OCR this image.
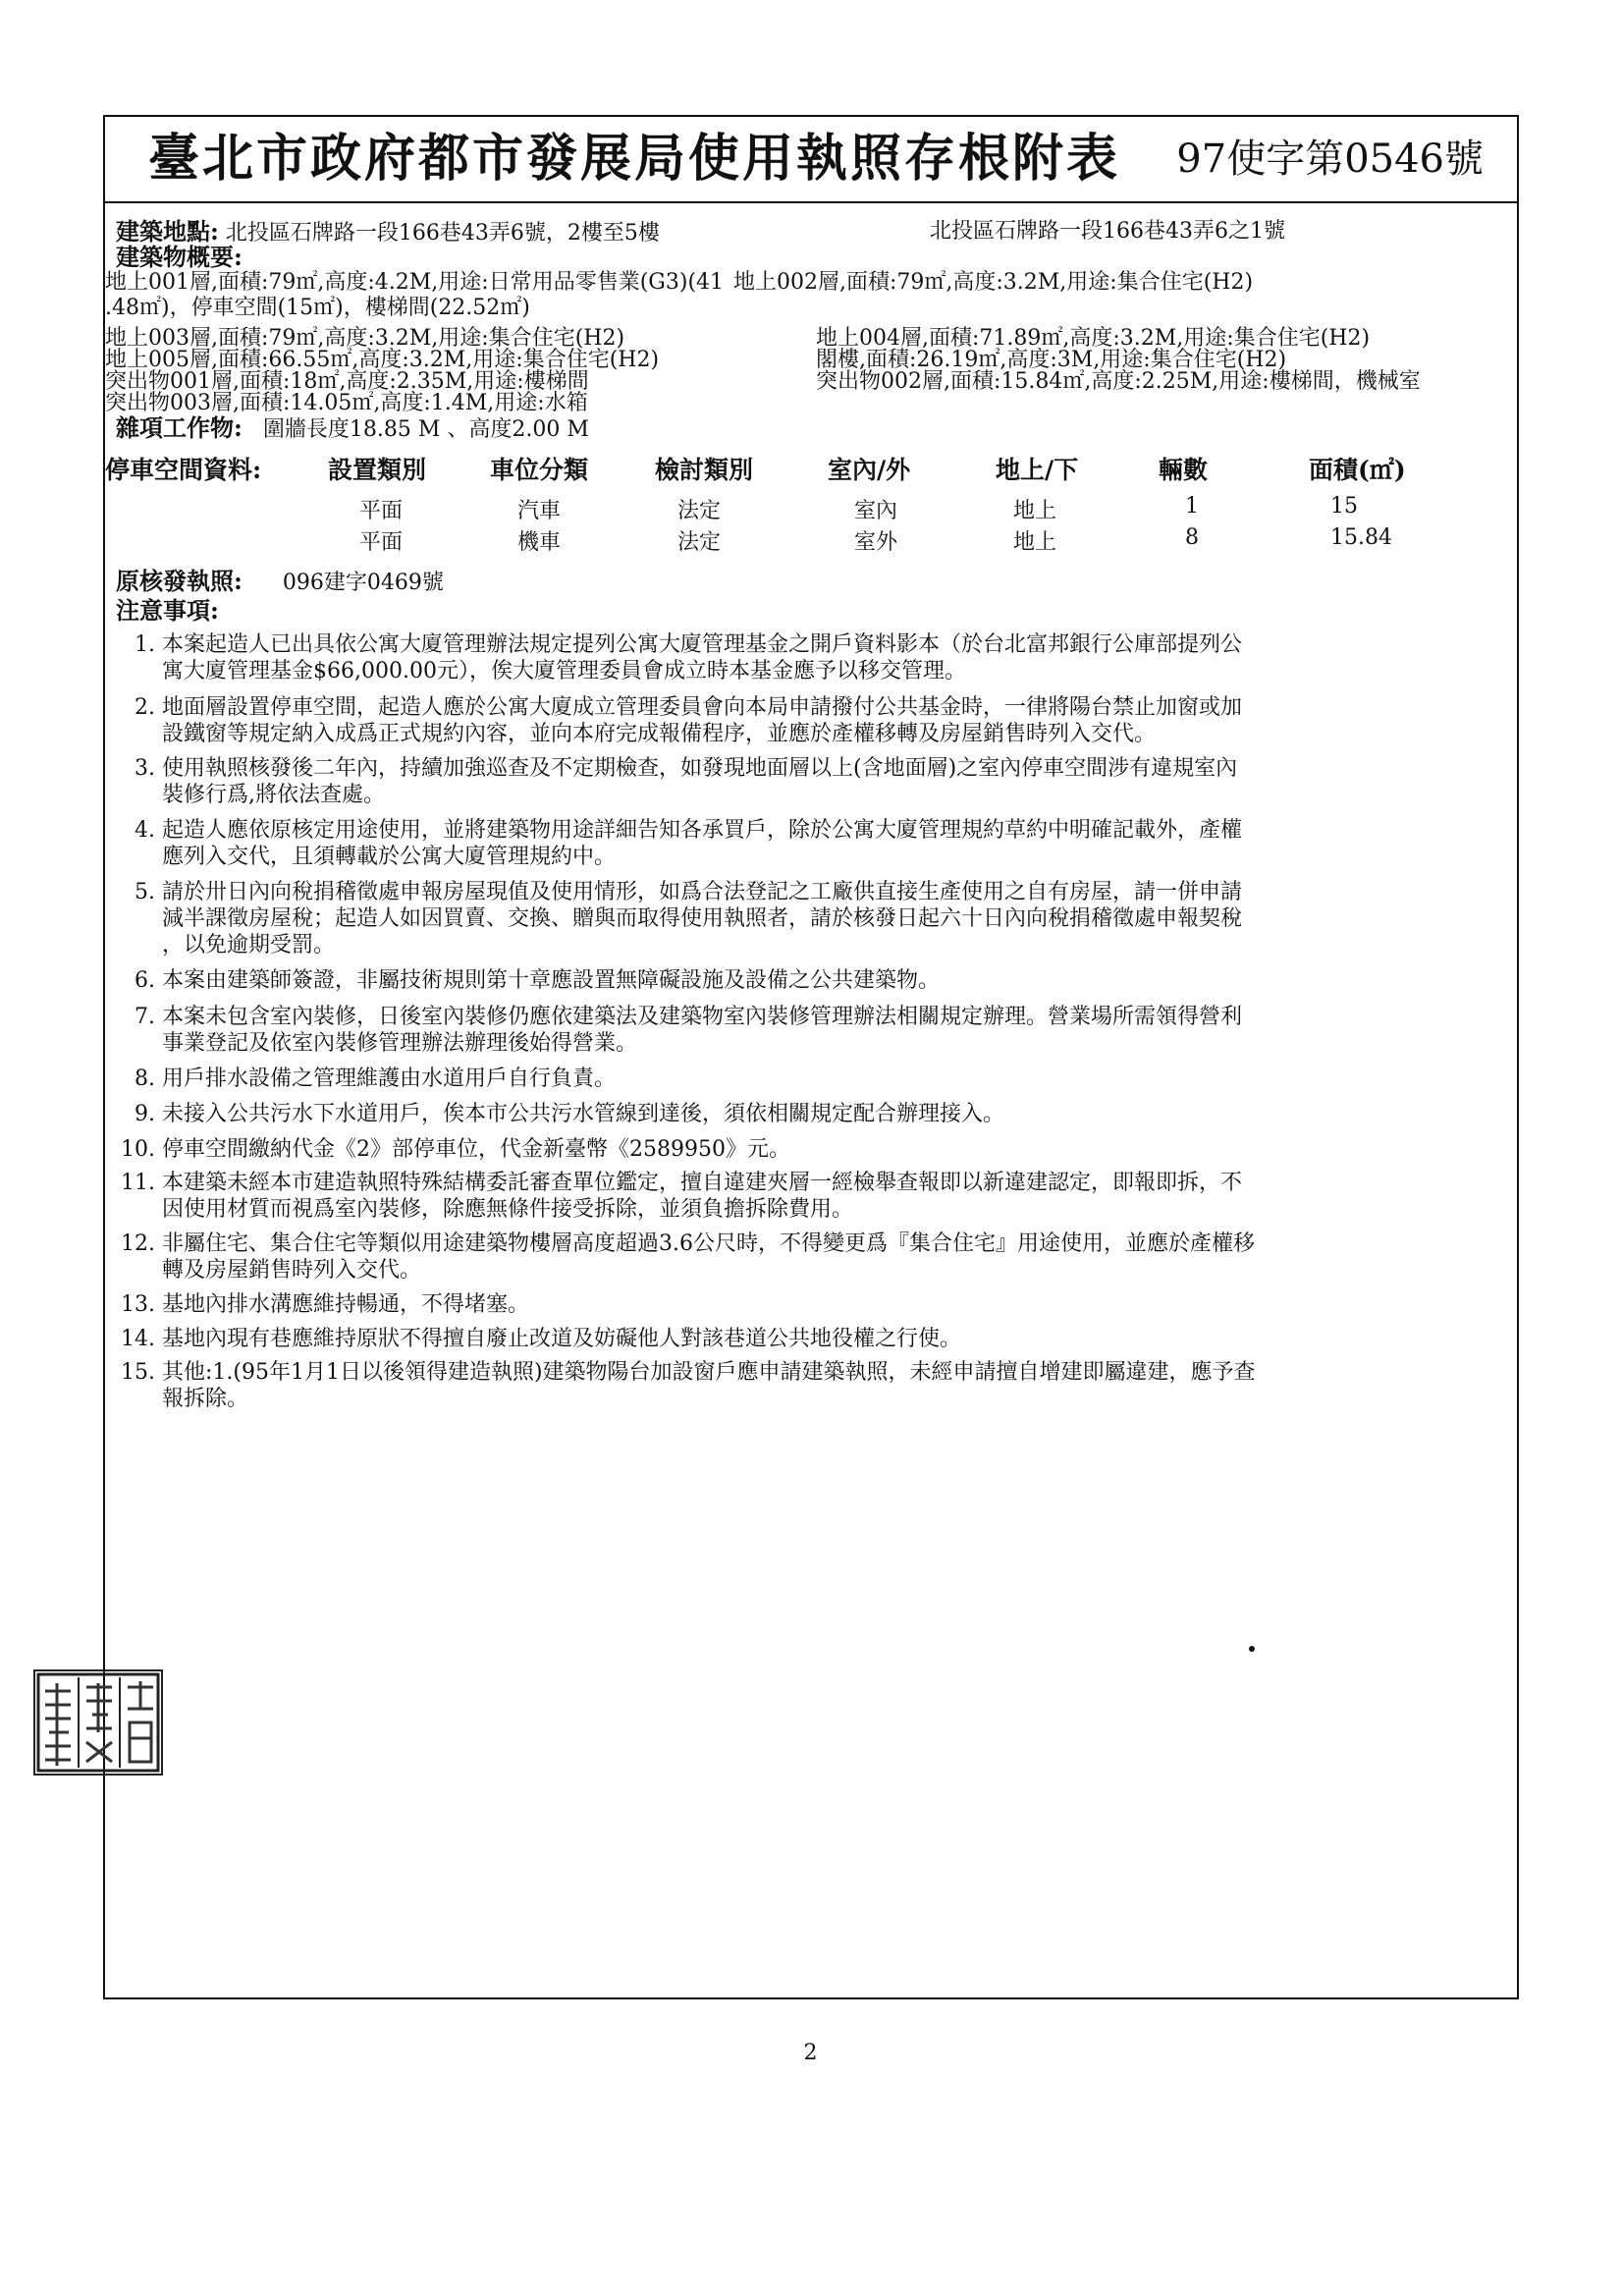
臺北市政府都市發展局使用執照存根附表	97使字第0546號
建築地點: 北投區石牌路一段166巷43弄6號，2樓至5樓	北投區石牌路一段166巷43弄6之1號
建築物概要:
地上001層,面積:79㎡,高度:4.2M,用途:日常用品零售業(G3)(41 地上002層,面積:79㎡,高度:3.2M,用途:集合住宅(H2)
.48㎡)，停車空間(15㎡)，樓梯間(22.52㎡)
地上003層,面積:79㎡,高度:3.2M,用途:集合住宅(H2)	地上004層,面積:71.89㎡,高度:3.2M,用途:集合住宅(H2)
地上005層,面積:66.55㎡,高度:3.2M,用途:集合住宅(H2)	閣樓,面積:26.19㎡,高度:3M,用途:集合住宅(H2)
突出物001層,面積:18㎡,高度:2.35M,用途:樓梯間	突出物002層,面積:15.84㎡,高度:2.25M,用途:樓梯間，機械室
突出物003層,面積:14.05㎡,高度:1.4M,用途:水箱
雜項工作物: 圍牆長度18.85 M 、高度2.00 M
停車空間資料:	設置類別	車位分類	檢討類別	室內/外	地上/下	輛數	面積(㎡)
平面	汽車	法定	室內	地上	1	15
平面	機車	法定	室外	地上	8	15.84
原核發執照: 096建字0469號
注意事項:
1. 本案起造人已出具依公寓大廈管理辦法規定提列公寓大廈管理基金之開戶資料影本（於台北富邦銀行公庫部提列公
寓大廈管理基金$66,000.00元），俟大廈管理委員會成立時本基金應予以移交管理。
2. 地面層設置停車空間，起造人應於公寓大廈成立管理委員會向本局申請撥付公共基金時，一律將陽台禁止加窗或加
設鐵窗等規定納入成爲正式規約內容，並向本府完成報備程序，並應於產權移轉及房屋銷售時列入交代。
3. 使用執照核發後二年內，持續加強巡查及不定期檢查，如發現地面層以上(含地面層)之室內停車空間涉有違規室內
裝修行爲,將依法查處。
4. 起造人應依原核定用途使用，並將建築物用途詳細告知各承買戶，除於公寓大廈管理規約草約中明確記載外，產權
應列入交代，且須轉載於公寓大廈管理規約中。
5. 請於卅日內向稅捐稽徵處申報房屋現值及使用情形，如爲合法登記之工廠供直接生產使用之自有房屋，請一併申請
減半課徵房屋稅；起造人如因買賣、交換、贈與而取得使用執照者，請於核發日起六十日內向稅捐稽徵處申報契稅
，以免逾期受罰。
6. 本案由建築師簽證，非屬技術規則第十章應設置無障礙設施及設備之公共建築物。
7. 本案未包含室內裝修，日後室內裝修仍應依建築法及建築物室內裝修管理辦法相關規定辦理。營業場所需領得營利
事業登記及依室內裝修管理辦法辦理後始得營業。
8. 用戶排水設備之管理維護由水道用戶自行負責。
9. 未接入公共污水下水道用戶，俟本市公共污水管線到達後，須依相關規定配合辦理接入。
10. 停車空間繳納代金《2》部停車位，代金新臺幣《2589950》元。
11. 本建築未經本市建造執照特殊結構委託審查單位鑑定，擅自違建夾層一經檢舉查報即以新違建認定，即報即拆，不
因使用材質而視爲室內裝修，除應無條件接受拆除，並須負擔拆除費用。
12. 非屬住宅、集合住宅等類似用途建築物樓層高度超過3.6公尺時，不得變更爲『集合住宅』用途使用，並應於產權移
轉及房屋銷售時列入交代。
13. 基地內排水溝應維持暢通，不得堵塞。
14. 基地內現有巷應維持原狀不得擅自廢止改道及妨礙他人對該巷道公共地役權之行使。
15. 其他:1.(95年1月1日以後領得建造執照)建築物陽台加設窗戶應申請建築執照，未經申請擅自增建即屬違建，應予查
報拆除。
2
